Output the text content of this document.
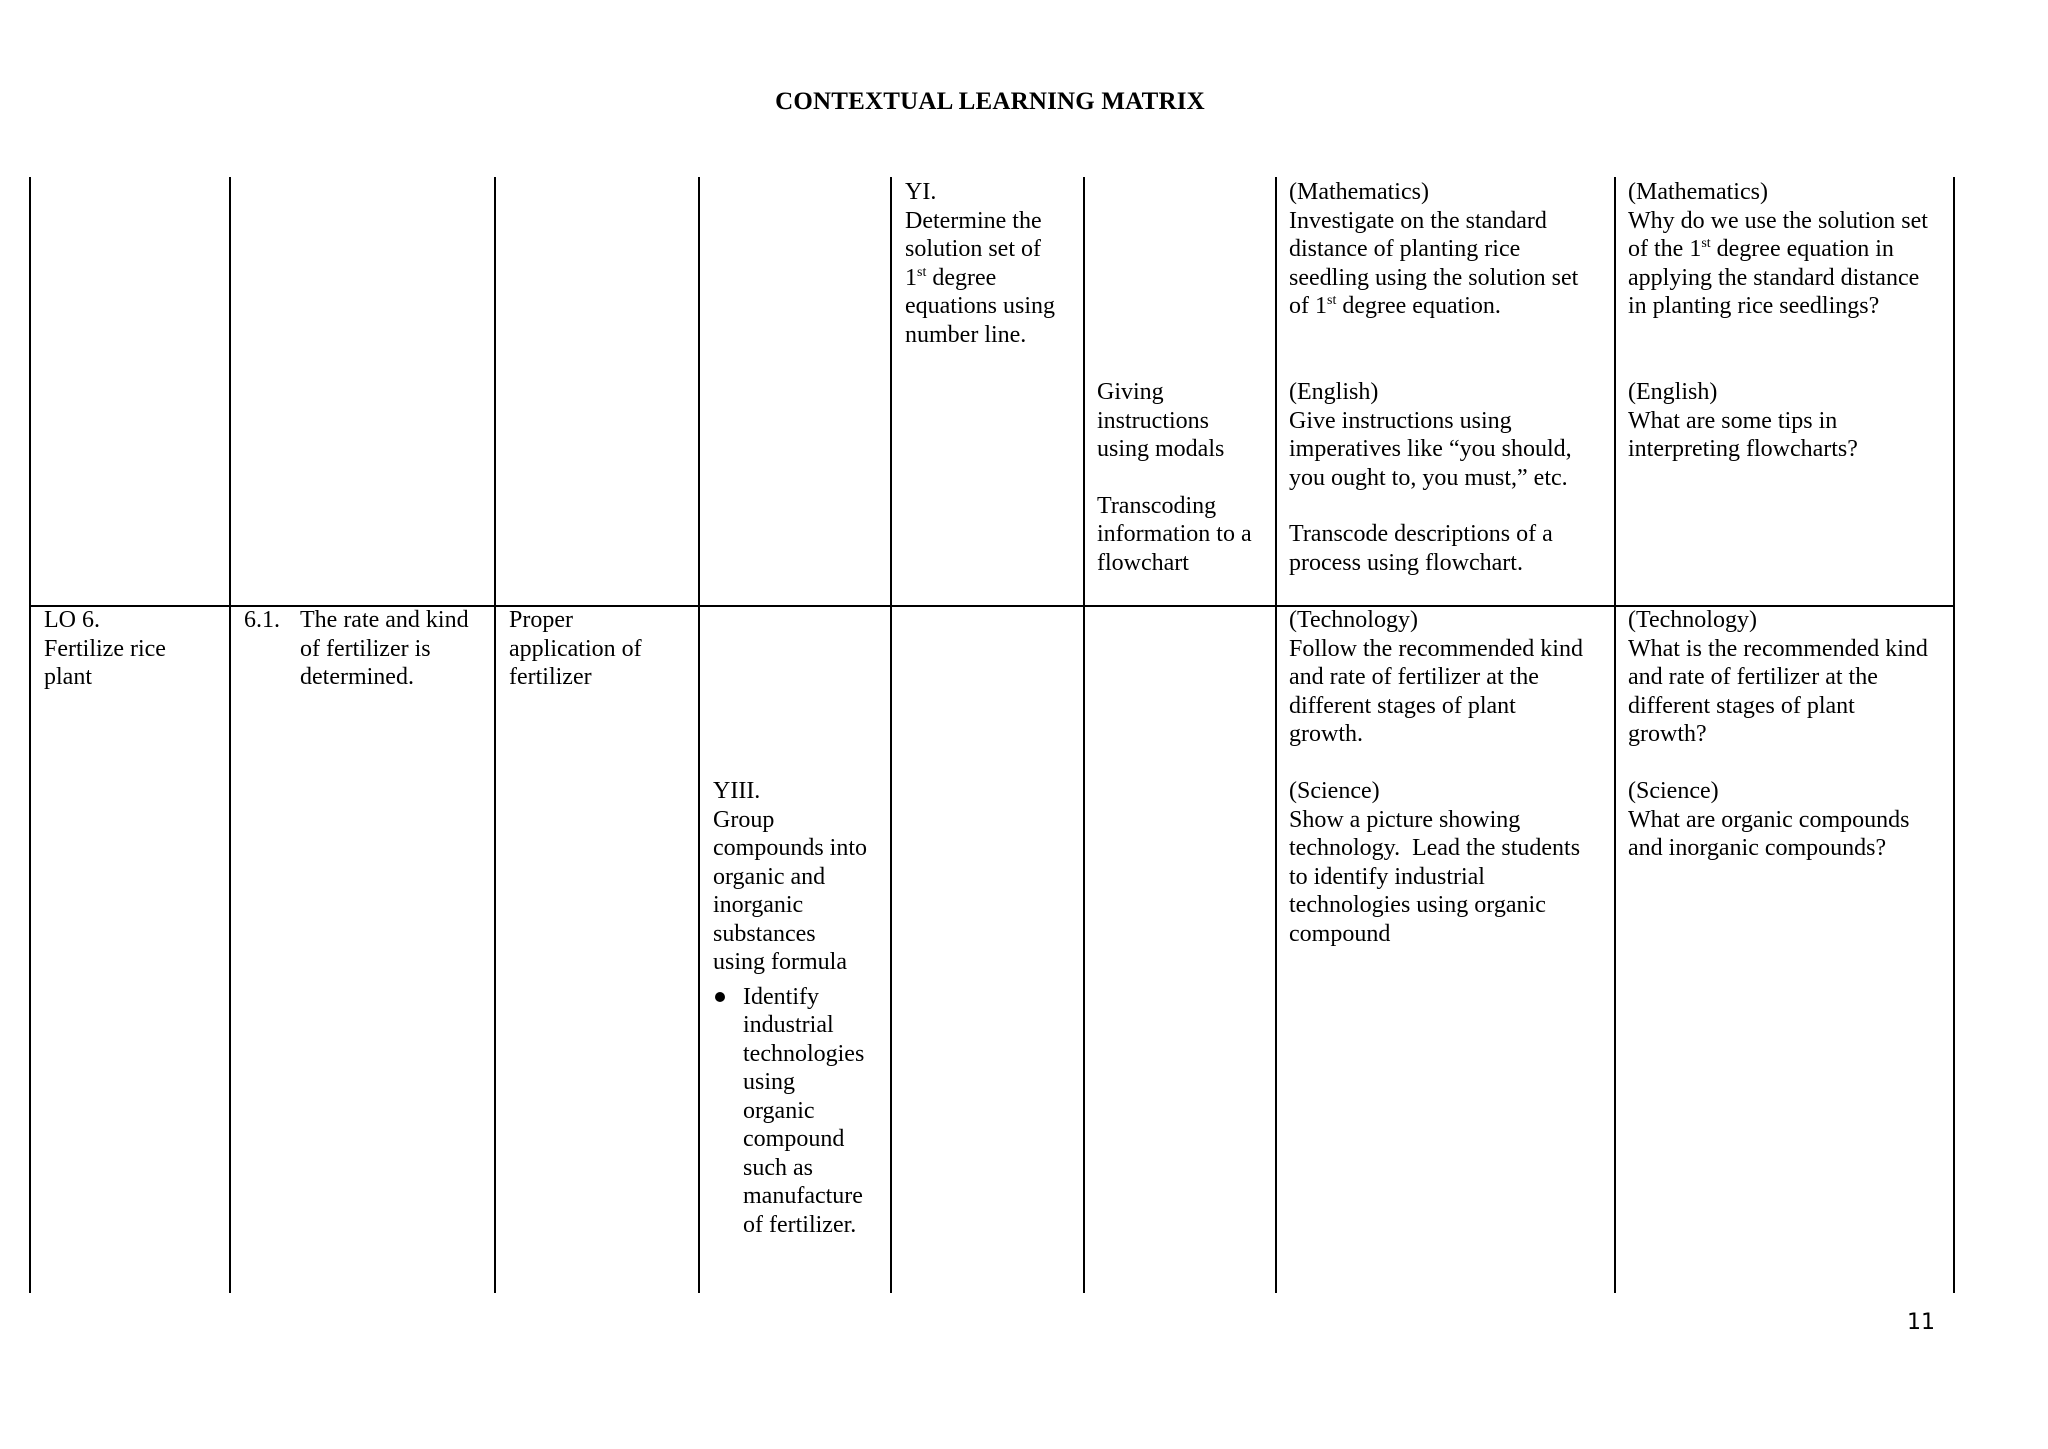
CONTEXTUAL LEARNING MATRIX
YI.
Determine the
solution set of
1st degree
equations using
number line.
(Mathematics)
Investigate on the standard
distance of planting rice
seedling using the solution set
of 1st degree equation.
(Mathematics)
Why do we use the solution set
of the 1st degree equation in
applying the standard distance
in planting rice seedlings?
Giving
instructions
using modals
Transcoding
information to a
flowchart
(English)
Give instructions using
imperatives like “you should,
you ought to, you must,” etc.
Transcode descriptions of a
process using flowchart.
(English)
What are some tips in
interpreting flowcharts?
LO 6.
Fertilize rice
plant
6.1. The rate and kind
of fertilizer is
determined.
Proper
application of
fertilizer
(Technology)
Follow the recommended kind
and rate of fertilizer at the
different stages of plant
growth.
(Technology)
What is the recommended kind
and rate of fertilizer at the
different stages of plant
growth?
YIII.
Group
compounds into
organic and
inorganic
substances
using formula
Identify
industrial
technologies
using
organic
compound
such as
manufacture
of fertilizer.
(Science)
Show a picture showing
technology.  Lead the students
to identify industrial
technologies using organic
compound
(Science)
What are organic compounds
and inorganic compounds?
11
